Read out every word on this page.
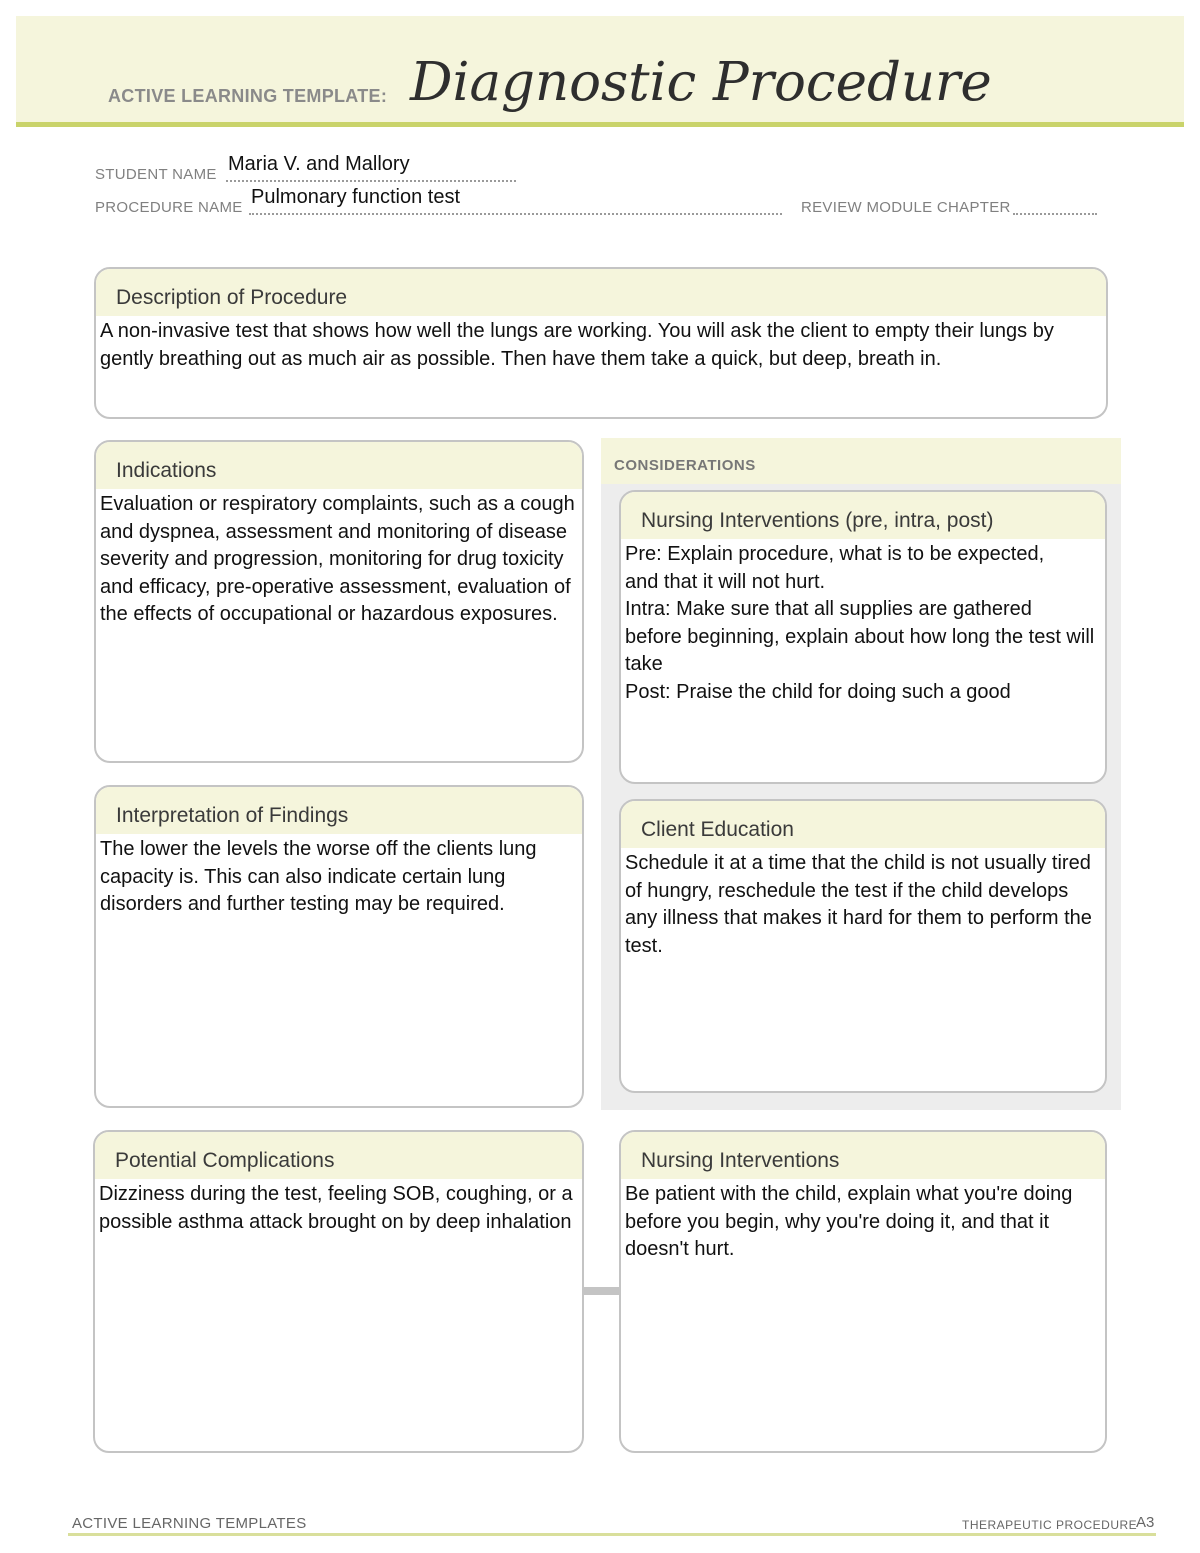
ACTIVE LEARNING TEMPLATE: Diagnostic Procedure
STUDENT NAME Maria V. and Mallory
PROCEDURE NAME Pulmonary function test	REVIEW MODULE CHAPTER
Description of Procedure
A non-invasive test that shows how well the lungs are working. You will ask the client to empty their lungs by
gently breathing out as much air as possible. Then have them take a quick, but deep, breath in.
Indications
Evaluation or respiratory complaints, such as a cough and dyspnea, assessment and monitoring of disease severity and progression, monitoring for drug toxicity and efficacy, pre-operative assessment, evaluation of the effects of occupational or hazardous exposures.
CONSIDERATIONS
Nursing Interventions (pre, intra, post)
Pre: Explain procedure, what is to be expected,
and that it will not hurt.
Intra: Make sure that all supplies are gathered
before beginning, explain about how long the test will take
Post: Praise the child for doing such a good
Client Education
Schedule it at a time that the child is not usually tired of hungry, reschedule the test if the child develops any illness that makes it hard for them to perform the test.
Interpretation of Findings
The lower the levels the worse off the clients lung capacity is. This can also indicate certain lung disorders and further testing may be required.
Potential Complications
Dizziness during the test, feeling SOB, coughing, or a possible asthma attack brought on by deep inhalation
Nursing Interventions
Be patient with the child, explain what you're doing before you begin, why you're doing it, and that it doesn't hurt.
ACTIVE LEARNING TEMPLATES	THERAPEUTIC PROCEDURE
A3
